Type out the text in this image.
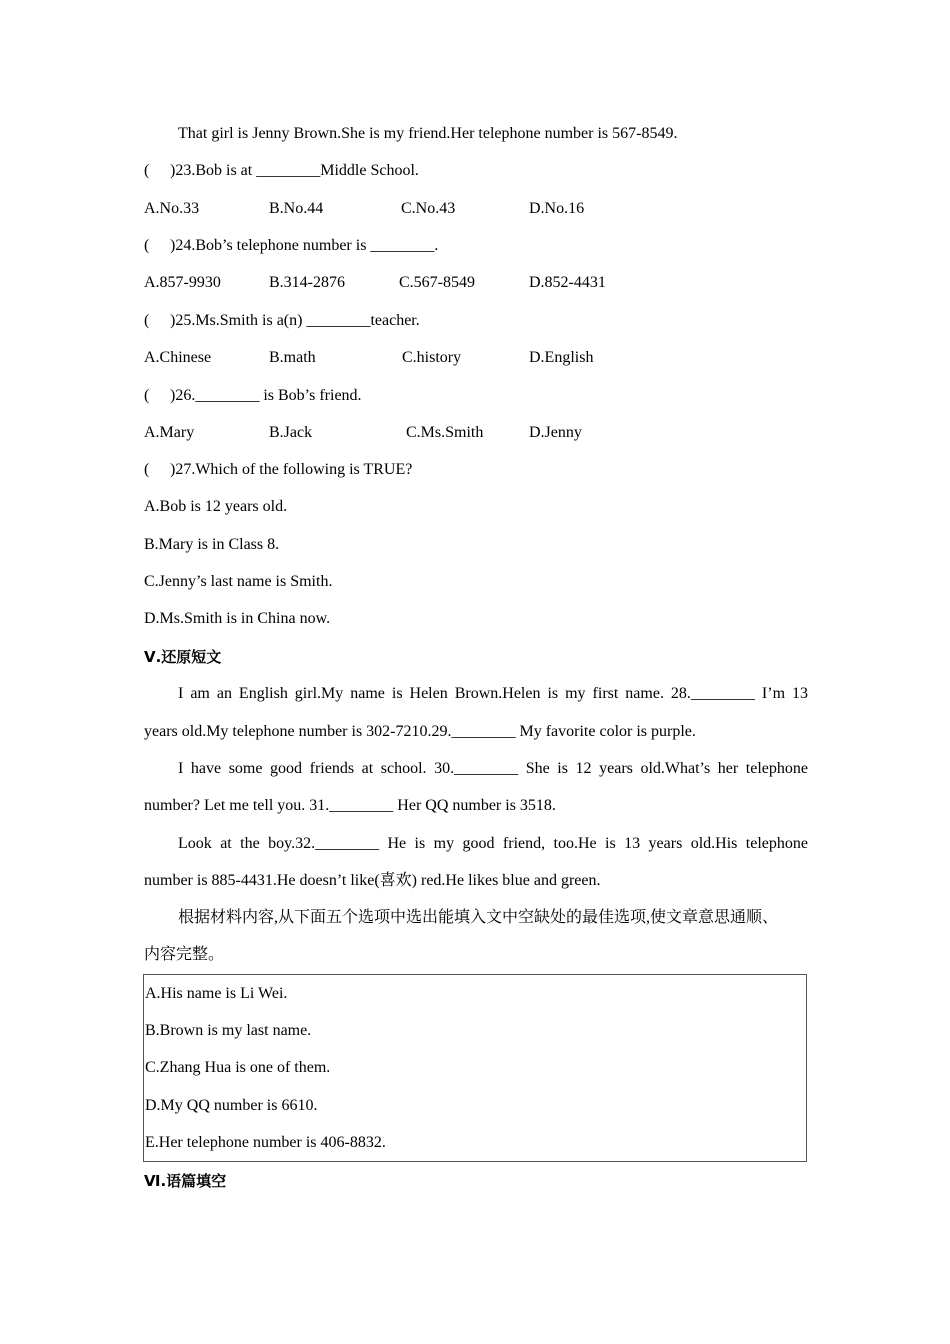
That girl is Jenny Brown.She is my friend.Her telephone number is 567-8549.
( )23.Bob is at ________Middle School.
A.No.33	B.No.44	C.No.43	D.No.16
( )24.Bob’s telephone number is ________.
A.857-9930	B.314-2876	C.567-8549	D.852-4431
( )25.Ms.Smith is a(n) ________teacher.
A.Chinese	B.math	C.history	D.English
( )26.________ is Bob’s friend.
A.Mary	B.Jack	C.Ms.Smith	D.Jenny
( )27.Which of the following is TRUE?
A.Bob is 12 years old.
B.Mary is in Class 8.
C.Jenny’s last name is Smith.
D.Ms.Smith is in China now.
Ⅴ.还原短文
I am an English girl.My name is Helen Brown.Helen is my first name. 28.________ I’m 13
years old.My telephone number is 302-7210.29.________ My favorite color is purple.
I have some good friends at school. 30.________ She is 12 years old.What’s her telephone
number? Let me tell you. 31.________ Her QQ number is 3518.
Look at the boy.32.________ He is my good friend, too.He is 13 years old.His telephone
number is 885-4431.He doesn’t like(喜欢) red.He likes blue and green.
根据材料内容,从下面五个选项中选出能填入文中空缺处的最佳选项,使文章意思通顺、
内容完整。
A.His name is Li Wei.
B.Brown is my last name.
C.Zhang Hua is one of them.
D.My QQ number is 6610.
E.Her telephone number is 406-8832.
Ⅵ.语篇填空
